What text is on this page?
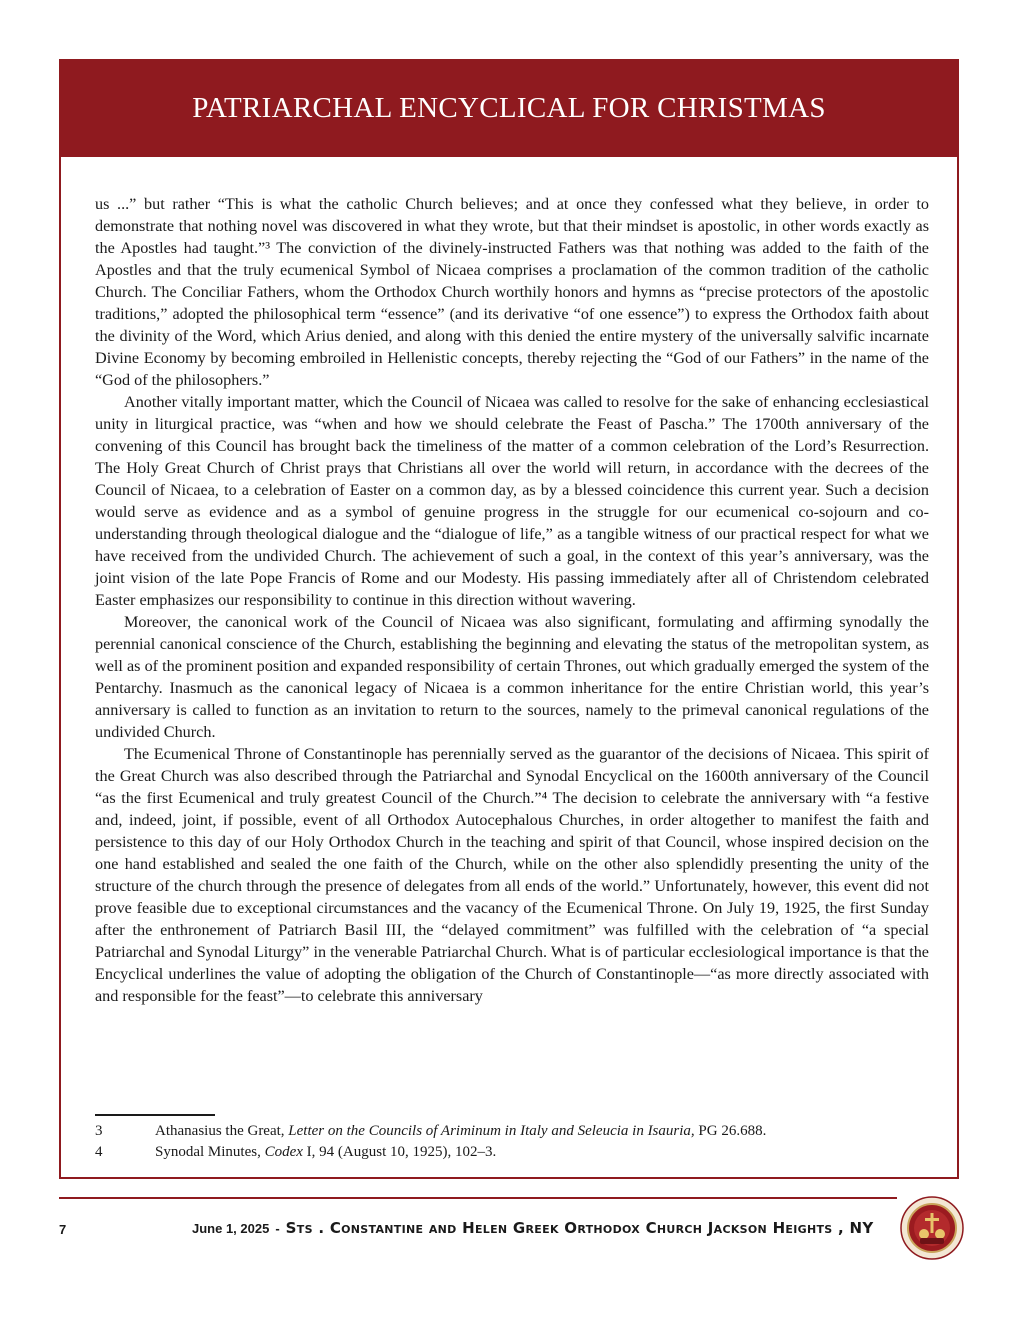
PATRIARCHAL ENCYCLICAL FOR CHRISTMAS

us ...” but rather “This is what the catholic Church believes; and at once they confessed what they believe, in order to demonstrate that nothing novel was discovered in what they wrote, but that their mindset is apostolic, in other words exactly as the Apostles had taught.”³ The conviction of the divinely-instructed Fathers was that nothing was added to the faith of the Apostles and that the truly ecumenical Symbol of Nicaea comprises a proclamation of the common tradition of the catholic Church. The Conciliar Fathers, whom the Orthodox Church worthily honors and hymns as “precise protectors of the apostolic traditions,” adopted the philosophical term “essence” (and its derivative “of one essence”) to express the Orthodox faith about the divinity of the Word, which Arius denied, and along with this denied the entire mystery of the universally salvific incarnate Divine Economy by becoming embroiled in Hellenistic concepts, thereby rejecting the “God of our Fathers” in the name of the “God of the philosophers.”

Another vitally important matter, which the Council of Nicaea was called to resolve for the sake of enhancing ecclesiastical unity in liturgical practice, was “when and how we should celebrate the Feast of Pascha.” The 1700th anniversary of the convening of this Council has brought back the timeliness of the matter of a common celebration of the Lord’s Resurrection. The Holy Great Church of Christ prays that Christians all over the world will return, in accordance with the decrees of the Council of Nicaea, to a celebration of Easter on a common day, as by a blessed coincidence this current year. Such a decision would serve as evidence and as a symbol of genuine progress in the struggle for our ecumenical co-sojourn and co- understanding through theological dialogue and the “dialogue of life,” as a tangible witness of our practical respect for what we have received from the undivided Church. The achievement of such a goal, in the context of this year’s anniversary, was the joint vision of the late Pope Francis of Rome and our Modesty. His passing immediately after all of Christendom celebrated Easter emphasizes our responsibility to continue in this direction without wavering.

Moreover, the canonical work of the Council of Nicaea was also significant, formulating and affirming synodally the perennial canonical conscience of the Church, establishing the beginning and elevating the status of the metropolitan system, as well as of the prominent position and expanded responsibility of certain Thrones, out which gradually emerged the system of the Pentarchy. Inasmuch as the canonical legacy of Nicaea is a common inheritance for the entire Christian world, this year’s anniversary is called to function as an invitation to return to the sources, namely to the primeval canonical regulations of the undivided Church.

The Ecumenical Throne of Constantinople has perennially served as the guarantor of the decisions of Nicaea. This spirit of the Great Church was also described through the Patriarchal and Synodal Encyclical on the 1600th anniversary of the Council “as the first Ecumenical and truly greatest Council of the Church.”⁴ The decision to celebrate the anniversary with “a festive and, indeed, joint, if possible, event of all Orthodox Autocephalous Churches, in order altogether to manifest the faith and persistence to this day of our Holy Orthodox Church in the teaching and spirit of that Council, whose inspired decision on the one hand established and sealed the one faith of the Church, while on the other also splendidly presenting the unity of the structure of the church through the presence of delegates from all ends of the world.” Unfortunately, however, this event did not prove feasible due to exceptional circumstances and the vacancy of the Ecumenical Throne. On July 19, 1925, the first Sunday after the enthronement of Patriarch Basil III, the “delayed commitment” was fulfilled with the celebration of “a special Patriarchal and Synodal Liturgy” in the venerable Patriarchal Church. What is of particular ecclesiological importance is that the Encyclical underlines the value of adopting the obligation of the Church of Constantinople—“as more directly associated with and responsible for the feast”—to celebrate this anniversary

3	Athanasius the Great, Letter on the Councils of Ariminum in Italy and Seleucia in Isauria, PG 26.688.
4	Synodal Minutes, Codex I, 94 (August 10, 1925), 102–3.
7	June 1, 2025 - Sts . Constantine and Helen Greek Orthodox Church Jackson Heights , NY
